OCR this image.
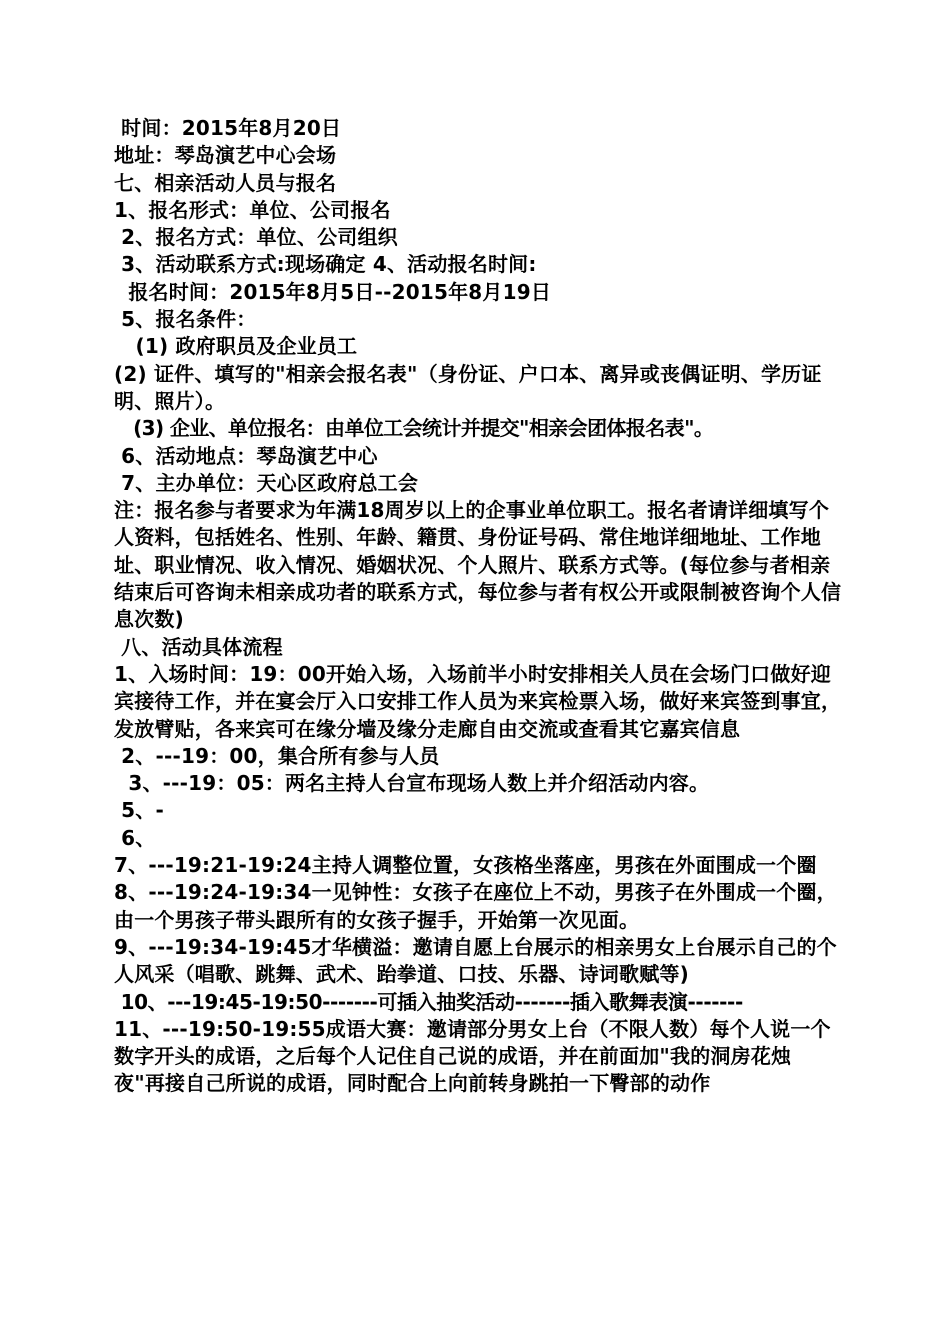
时间：2015年8月20日
地址：琴岛演艺中心会场
七、相亲活动人员与报名
1、报名形式：单位、公司报名
2、报名方式：单位、公司组织
3、活动联系方式:现场确定 4、活动报名时间:
报名时间：2015年8月5日--2015年8月19日
5、报名条件：
(1) 政府职员及企业员工
(2) 证件、填写的"相亲会报名表"（身份证、户口本、离异或丧偶证明、学历证明、照片）。
(3) 企业、单位报名：由单位工会统计并提交"相亲会团体报名表"。
6、活动地点：琴岛演艺中心
7、主办单位：天心区政府总工会
注：报名参与者要求为年满18周岁以上的企事业单位职工。报名者请详细填写个人资料，包括姓名、性别、年龄、籍贯、身份证号码、常住地详细地址、工作地址、职业情况、收入情况、婚姻状况、个人照片、联系方式等。(每位参与者相亲结束后可咨询未相亲成功者的联系方式，每位参与者有权公开或限制被咨询个人信息次数)
八、活动具体流程
1、入场时间：19：00开始入场，入场前半小时安排相关人员在会场门口做好迎宾接待工作，并在宴会厅入口安排工作人员为来宾检票入场，做好来宾签到事宜，发放臂贴，各来宾可在缘分墙及缘分走廊自由交流或查看其它嘉宾信息
2、---19：00，集合所有参与人员
3、---19：05：两名主持人台宣布现场人数上并介绍活动内容。
5、-
6、
7、---19:21-19:24主持人调整位置，女孩格坐落座，男孩在外面围成一个圈
8、---19:24-19:34一见钟性：女孩子在座位上不动，男孩子在外围成一个圈，由一个男孩子带头跟所有的女孩子握手，开始第一次见面。
9、---19:34-19:45才华横溢：邀请自愿上台展示的相亲男女上台展示自己的个人风采（唱歌、跳舞、武术、跆拳道、口技、乐器、诗词歌赋等)
10、---19:45-19:50-------可插入抽奖活动-------插入歌舞表演-------
11、---19:50-19:55成语大赛：邀请部分男女上台（不限人数）每个人说一个数字开头的成语，之后每个人记住自己说的成语，并在前面加"我的洞房花烛夜"再接自己所说的成语，同时配合上向前转身跳拍一下臀部的动作
